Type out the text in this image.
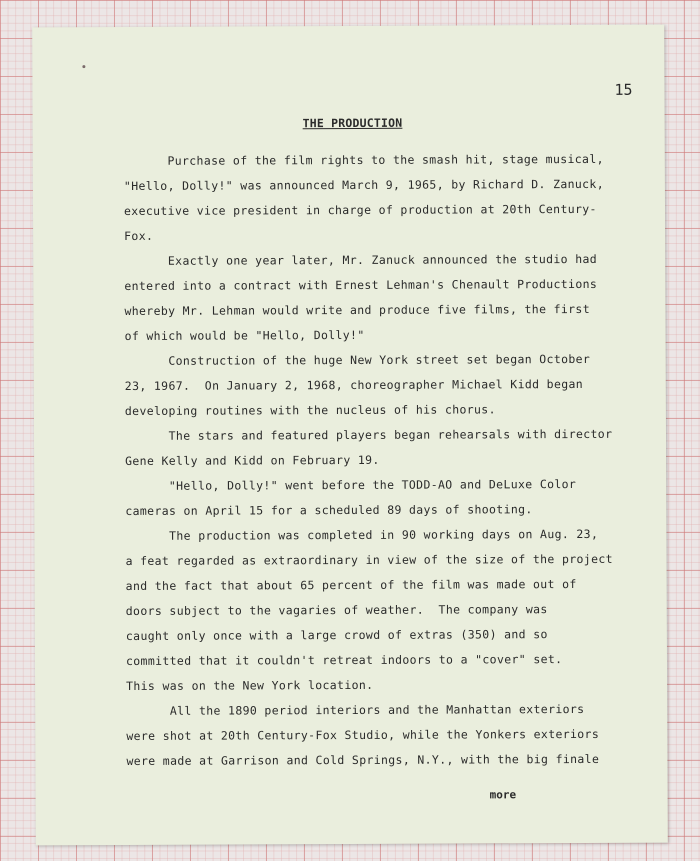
15
THE PRODUCTION
Purchase of the film rights to the smash hit, stage musical,
"Hello, Dolly!" was announced March 9, 1965, by Richard D. Zanuck,
executive vice president in charge of production at 20th Century-
Fox.
Exactly one year later, Mr. Zanuck announced the studio had
entered into a contract with Ernest Lehman's Chenault Productions
whereby Mr. Lehman would write and produce five films, the first
of which would be "Hello, Dolly!"
Construction of the huge New York street set began October
23, 1967.  On January 2, 1968, choreographer Michael Kidd began
developing routines with the nucleus of his chorus.
The stars and featured players began rehearsals with director
Gene Kelly and Kidd on February 19.
"Hello, Dolly!" went before the TODD-AO and DeLuxe Color
cameras on April 15 for a scheduled 89 days of shooting.
The production was completed in 90 working days on Aug. 23,
a feat regarded as extraordinary in view of the size of the project
and the fact that about 65 percent of the film was made out of
doors subject to the vagaries of weather.  The company was
caught only once with a large crowd of extras (350) and so
committed that it couldn't retreat indoors to a "cover" set.
This was on the New York location.
All the 1890 period interiors and the Manhattan exteriors
were shot at 20th Century-Fox Studio, while the Yonkers exteriors
were made at Garrison and Cold Springs, N.Y., with the big finale
more
